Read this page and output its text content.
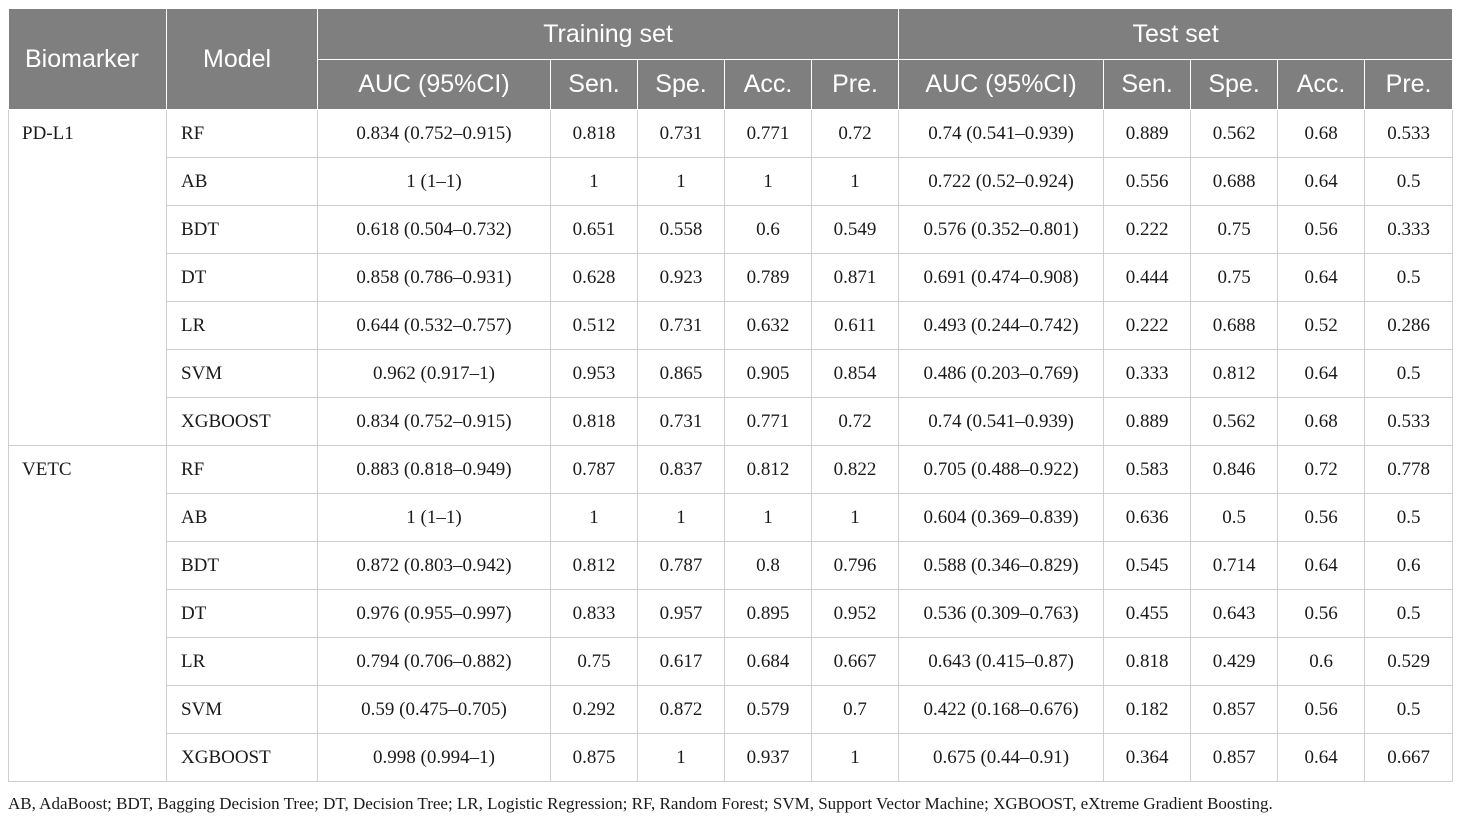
Biomarker	Model	Training set					Test set				
		AUC (95%CI)	Sen.	Spe.	Acc.	Pre.	AUC (95%CI)	Sen.	Spe.	Acc.	Pre.
PD-L1	RF	0.834 (0.752–0.915)	0.818	0.731	0.771	0.72	0.74 (0.541–0.939)	0.889	0.562	0.68	0.533
	AB	1 (1–1)	1	1	1	1	0.722 (0.52–0.924)	0.556	0.688	0.64	0.5
	BDT	0.618 (0.504–0.732)	0.651	0.558	0.6	0.549	0.576 (0.352–0.801)	0.222	0.75	0.56	0.333
	DT	0.858 (0.786–0.931)	0.628	0.923	0.789	0.871	0.691 (0.474–0.908)	0.444	0.75	0.64	0.5
	LR	0.644 (0.532–0.757)	0.512	0.731	0.632	0.611	0.493 (0.244–0.742)	0.222	0.688	0.52	0.286
	SVM	0.962 (0.917–1)	0.953	0.865	0.905	0.854	0.486 (0.203–0.769)	0.333	0.812	0.64	0.5
	XGBOOST	0.834 (0.752–0.915)	0.818	0.731	0.771	0.72	0.74 (0.541–0.939)	0.889	0.562	0.68	0.533
VETC	RF	0.883 (0.818–0.949)	0.787	0.837	0.812	0.822	0.705 (0.488–0.922)	0.583	0.846	0.72	0.778
	AB	1 (1–1)	1	1	1	1	0.604 (0.369–0.839)	0.636	0.5	0.56	0.5
	BDT	0.872 (0.803–0.942)	0.812	0.787	0.8	0.796	0.588 (0.346–0.829)	0.545	0.714	0.64	0.6
	DT	0.976 (0.955–0.997)	0.833	0.957	0.895	0.952	0.536 (0.309–0.763)	0.455	0.643	0.56	0.5
	LR	0.794 (0.706–0.882)	0.75	0.617	0.684	0.667	0.643 (0.415–0.87)	0.818	0.429	0.6	0.529
	SVM	0.59 (0.475–0.705)	0.292	0.872	0.579	0.7	0.422 (0.168–0.676)	0.182	0.857	0.56	0.5
	XGBOOST	0.998 (0.994–1)	0.875	1	0.937	1	0.675 (0.44–0.91)	0.364	0.857	0.64	0.667
AB, AdaBoost; BDT, Bagging Decision Tree; DT, Decision Tree; LR, Logistic Regression; RF, Random Forest; SVM, Support Vector Machine; XGBOOST, eXtreme Gradient Boosting.
